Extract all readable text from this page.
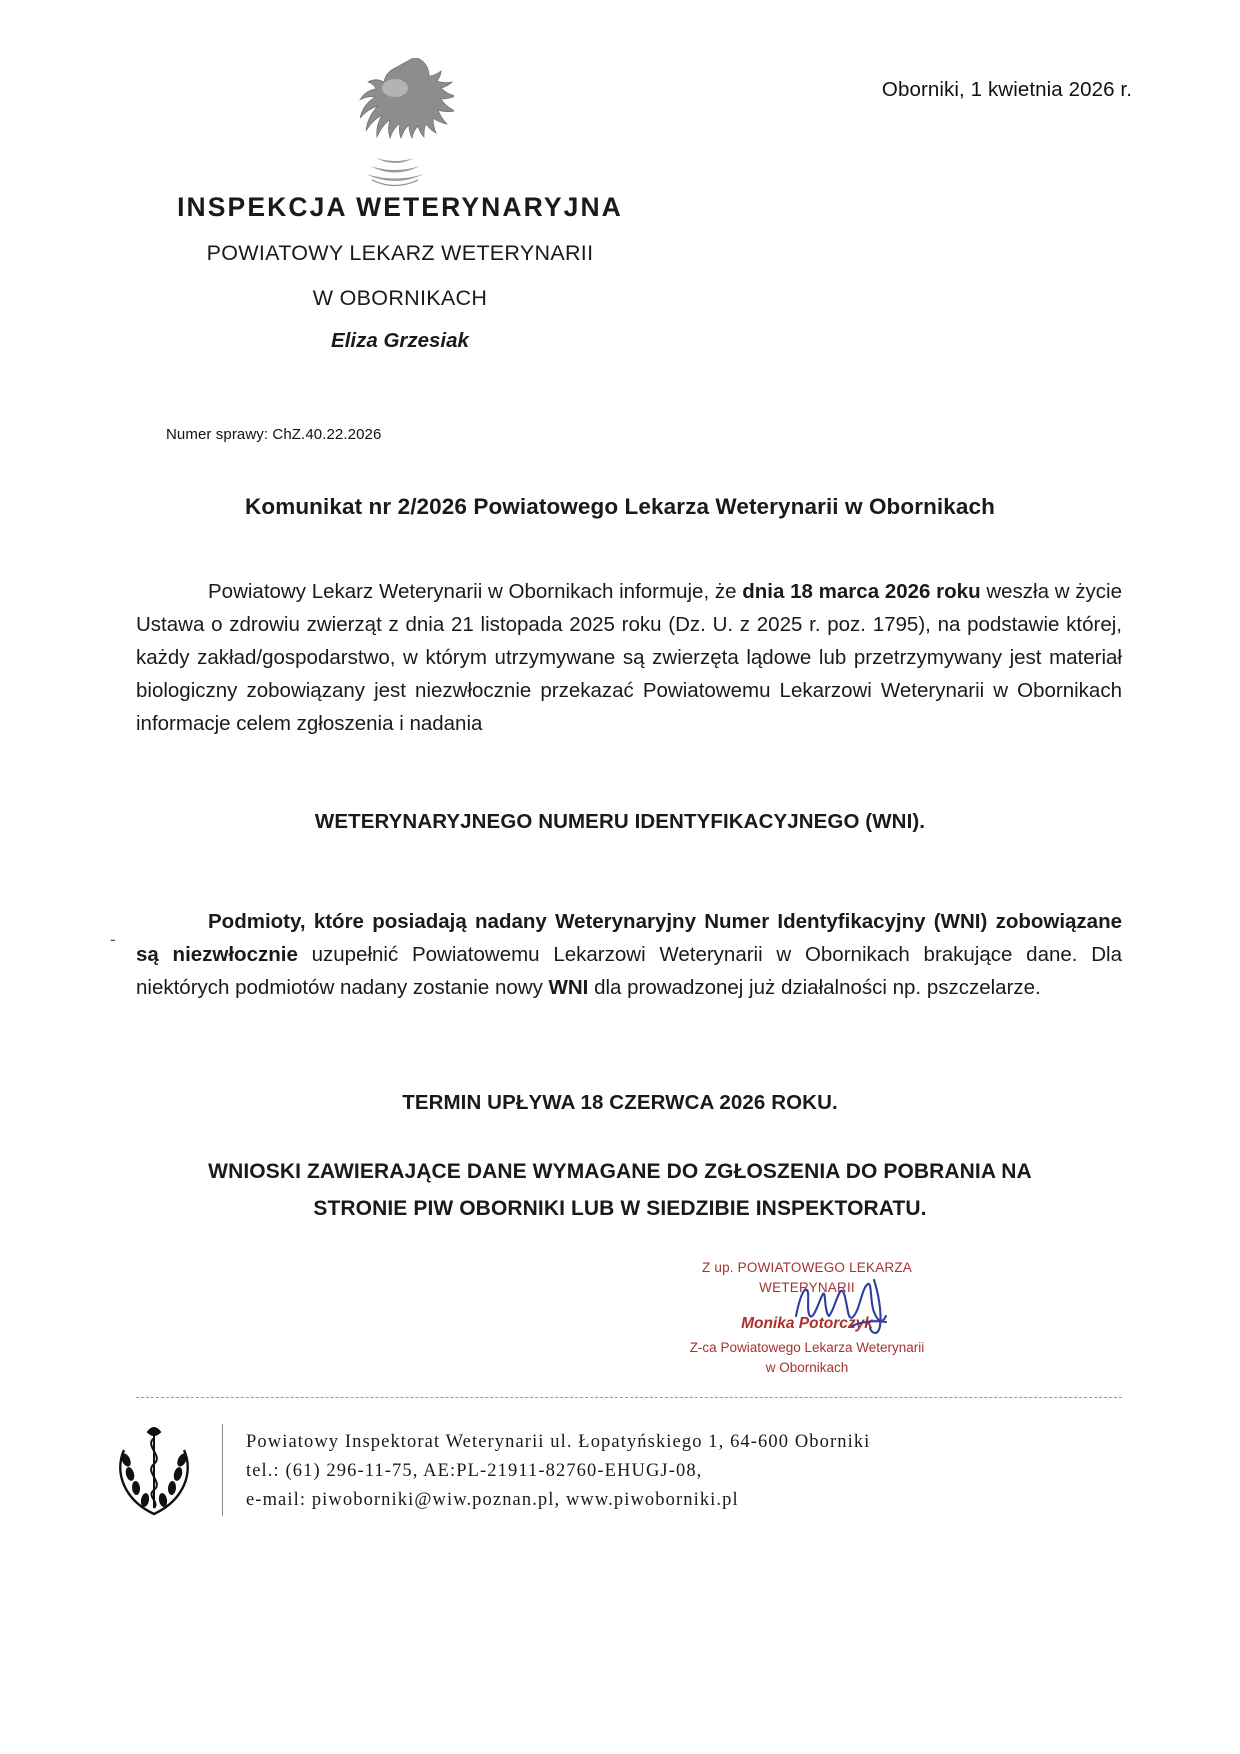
Oborniki, 1 kwietnia 2026 r.
INSPEKCJA WETERYNARYJNA
POWIATOWY LEKARZ WETERYNARII
W OBORNIKACH
Eliza Grzesiak
Numer sprawy: ChZ.40.22.2026
Komunikat nr 2/2026 Powiatowego Lekarza Weterynarii w Obornikach

Powiatowy Lekarz Weterynarii w Obornikach informuje, że dnia 18 marca 2026 roku weszła w życie Ustawa o zdrowiu zwierząt z dnia 21 listopada 2025 roku (Dz. U. z 2025 r. poz. 1795), na podstawie której, każdy zakład/gospodarstwo, w którym utrzymywane są zwierzęta lądowe lub przetrzymywany jest materiał biologiczny zobowiązany jest niezwłocznie przekazać Powiatowemu Lekarzowi Weterynarii w Obornikach informacje celem zgłoszenia i nadania

WETERYNARYJNEGO NUMERU IDENTYFIKACYJNEGO (WNI).
-

Podmioty, które posiadają nadany Weterynaryjny Numer Identyfikacyjny (WNI) zobowiązane są niezwłocznie uzupełnić Powiatowemu Lekarzowi Weterynarii w Obornikach brakujące dane. Dla niektórych podmiotów nadany zostanie nowy WNI dla prowadzonej już działalności np. pszczelarze.

TERMIN UPŁYWA 18 CZERWCA 2026 ROKU.
WNIOSKI ZAWIERAJĄCE DANE WYMAGANE DO ZGŁOSZENIA DO POBRANIA NA
STRONIE PIW OBORNIKI LUB W SIEDZIBIE INSPEKTORATU.
Z up. POWIATOWEGO LEKARZA WETERYNARII
Monika Potorczyk
Z-ca Powiatowego Lekarza Weterynarii
w Obornikach
Powiatowy Inspektorat Weterynarii ul. Łopatyńskiego 1, 64-600 Oborniki
tel.: (61) 296-11-75, AE:PL-21911-82760-EHUGJ-08,
e-mail: piwoborniki@wiw.poznan.pl, www.piwoborniki.pl
